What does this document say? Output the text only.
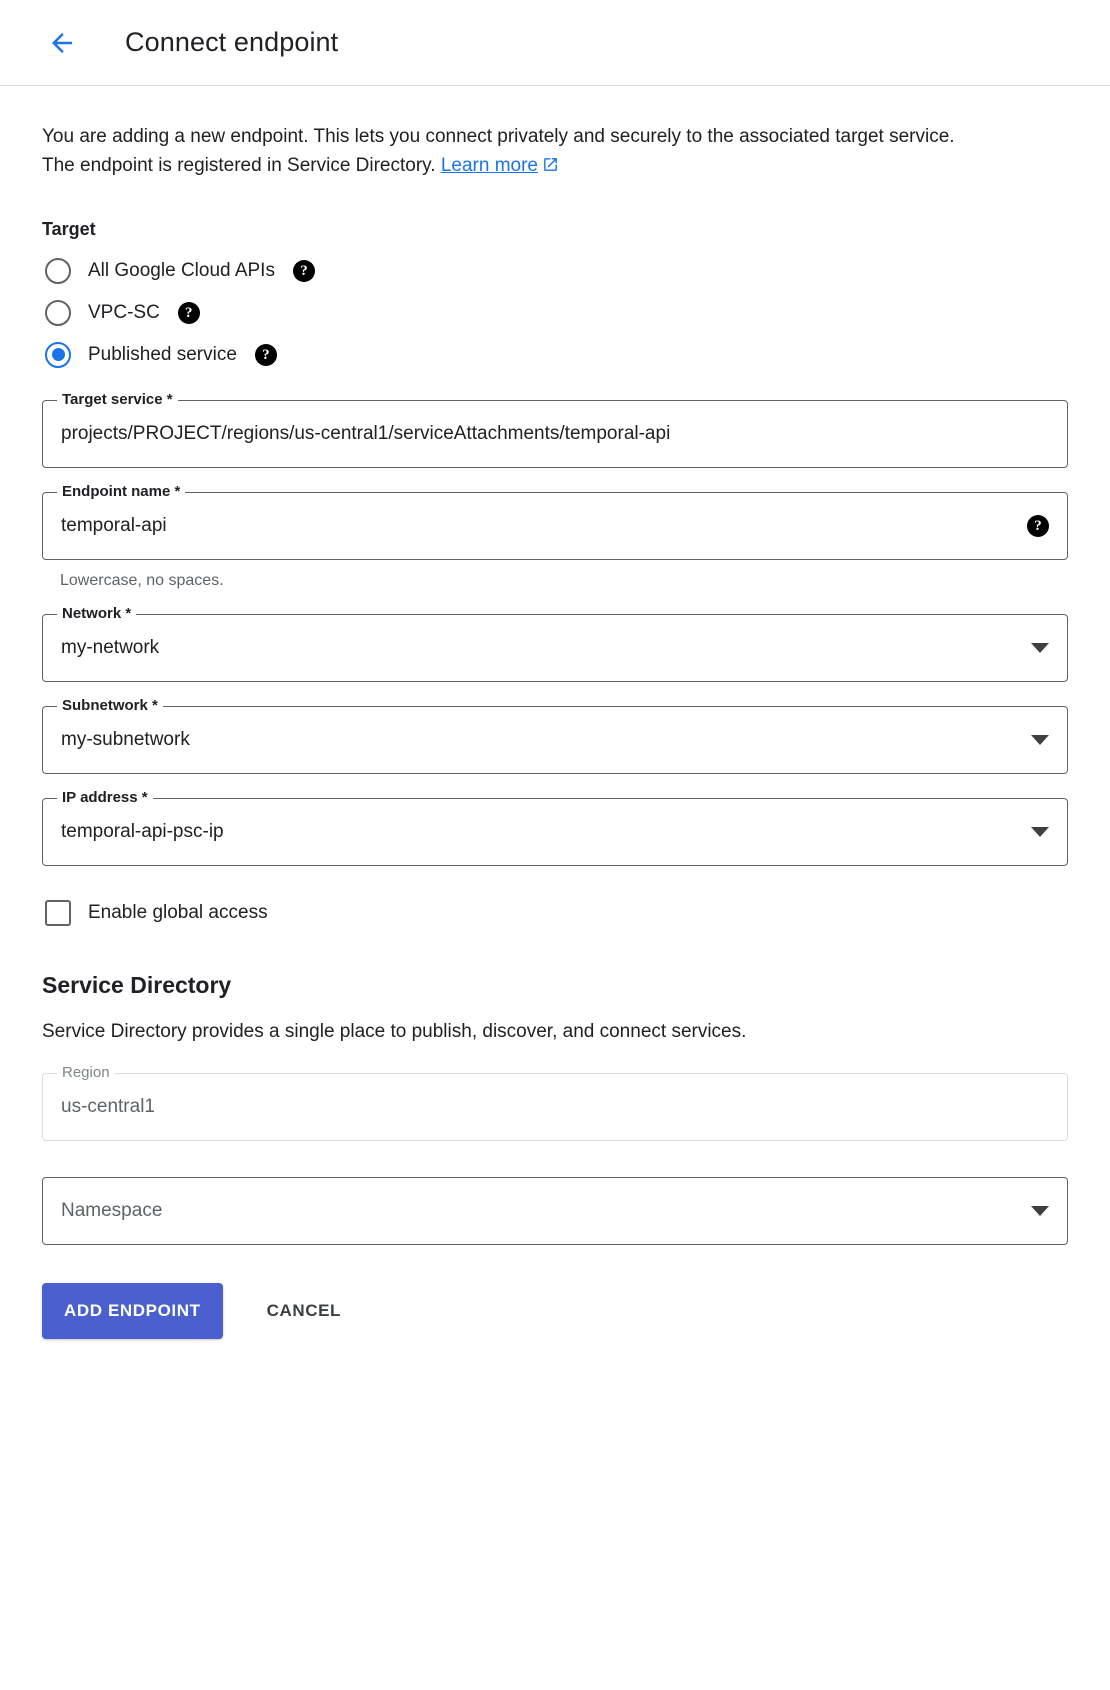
Connect endpoint

You are adding a new endpoint. This lets you connect privately and securely to the associated target service. The endpoint is registered in Service Directory. Learn more

Target
All Google Cloud APIs	?
VPC-SC	?
Published service	?
Target service *
projects/PROJECT/regions/us-central1/serviceAttachments/temporal-api
Endpoint name *
temporal-api	?
Lowercase, no spaces.
Network *
my-network
Subnetwork *
my-subnetwork
IP address *
temporal-api-psc-ip
Enable global access
Service Directory
Service Directory provides a single place to publish, discover, and connect services.
Region
us-central1
Namespace
ADD ENDPOINT	CANCEL
